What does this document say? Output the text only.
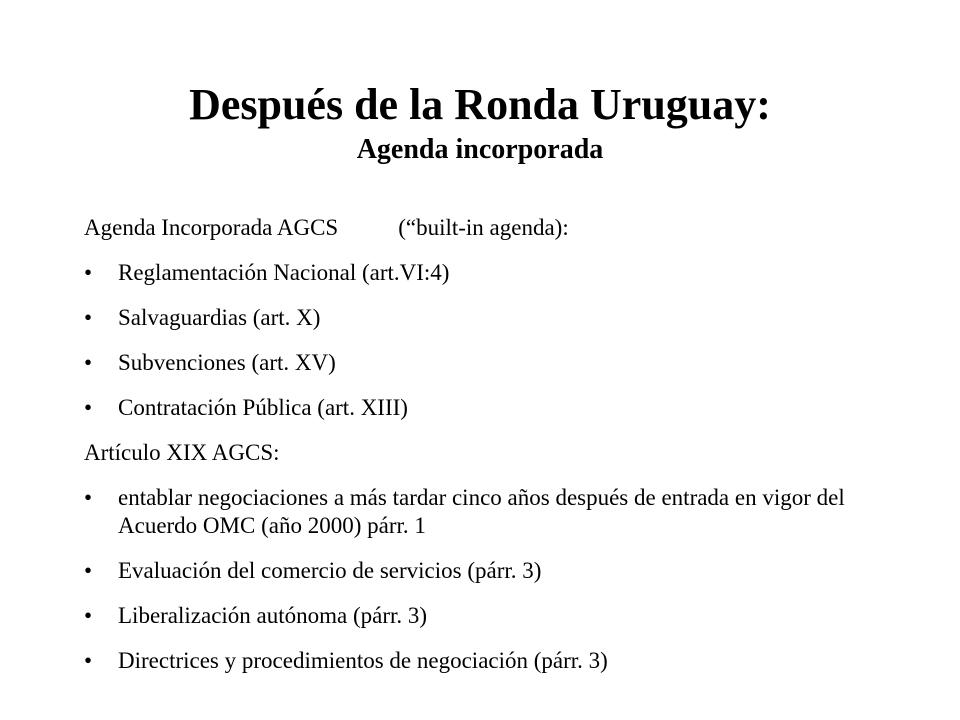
Después de la Ronda Uruguay:
Agenda incorporada
Agenda Incorporada AGCS	(“built-in agenda):
•	Reglamentación Nacional (art.VI:4)
•	Salvaguardias (art. X)
•	Subvenciones (art. XV)
•	Contratación Pública (art. XIII)
Artículo XIX AGCS:
•	entablar negociaciones a más tardar cinco años después de entrada en vigor del Acuerdo OMC (año 2000) párr. 1
•	Evaluación del comercio de servicios (párr. 3)
•	Liberalización autónoma (párr. 3)
•	Directrices y procedimientos de negociación (párr. 3)
